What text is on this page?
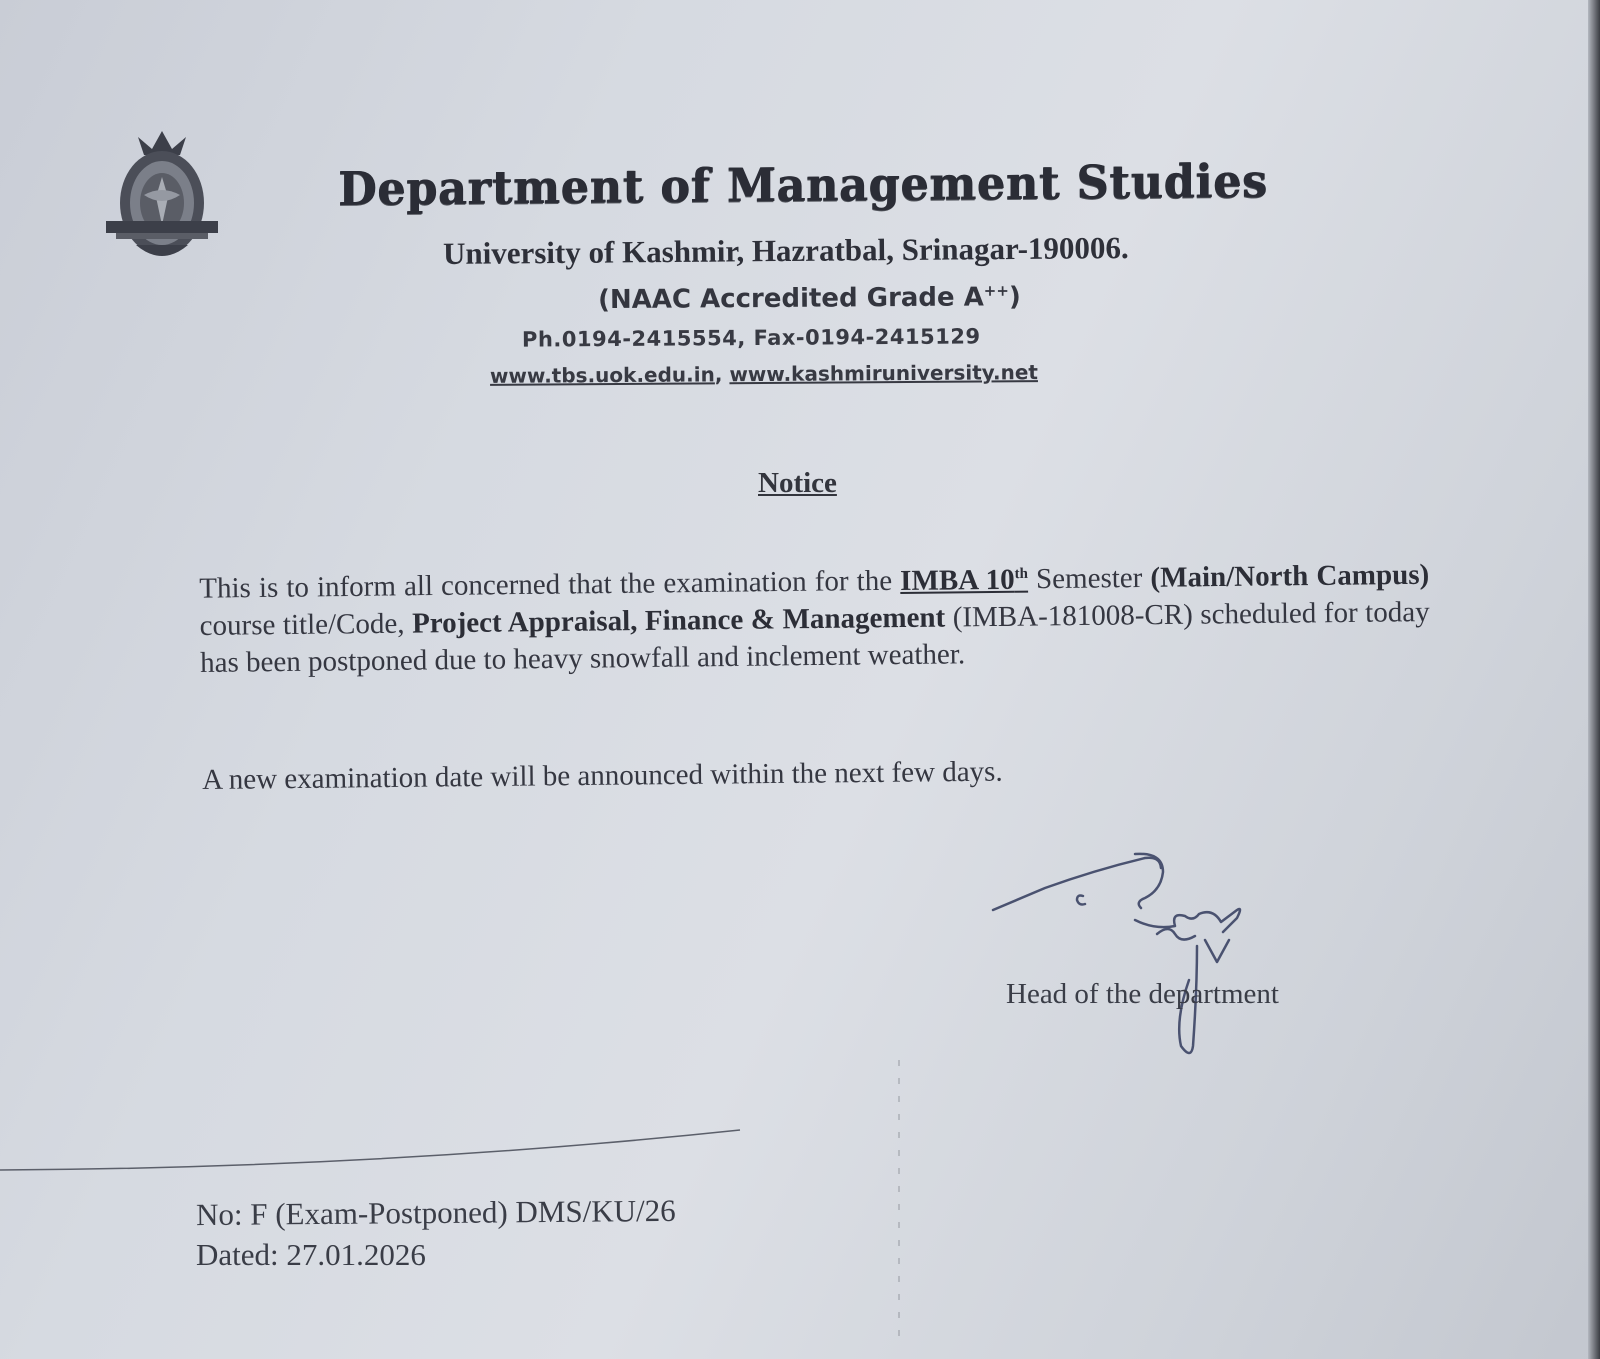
Department of Management Studies
University of Kashmir, Hazratbal, Srinagar-190006.
(NAAC Accredited Grade A++)
Ph.0194-2415554, Fax-0194-2415129
www.tbs.uok.edu.in, www.kashmiruniversity.net
Notice
This is to inform all concerned that the examination for the IMBA 10th Semester (Main/North Campus) course title/Code, Project Appraisal, Finance & Management (IMBA-181008-CR) scheduled for today has been postponed due to heavy snowfall and inclement weather.
A new examination date will be announced within the next few days.
Head of the department
No: F (Exam-Postponed) DMS/KU/26
Dated: 27.01.2026
